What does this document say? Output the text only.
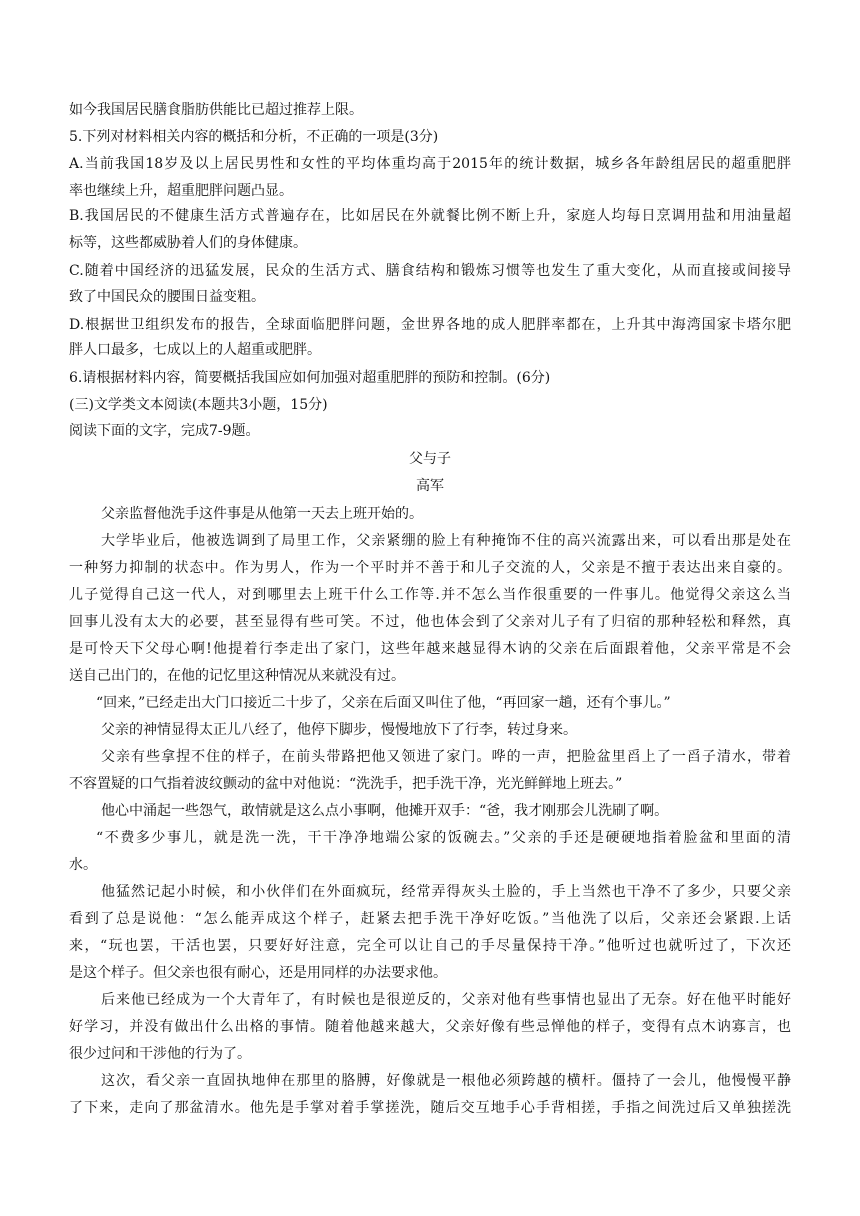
如今我国居民膳食脂肪供能比已超过推荐上限。
5.下列对材料相关内容的概括和分析，不正确的一项是(3分)
A.当前我国18岁及以上居民男性和女性的平均体重均高于2015年的统计数据，城乡各年龄组居民的超重肥胖
率也继续上升，超重肥胖问题凸显。
B.我国居民的不健康生活方式普遍存在，比如居民在外就餐比例不断上升，家庭人均每日烹调用盐和用油量超
标等，这些都威胁着人们的身体健康。
C.随着中国经济的迅猛发展，民众的生活方式、膳食结构和锻炼习惯等也发生了重大变化，从而直接或间接导
致了中国民众的腰围日益变粗。
D.根据世卫组织发布的报告，全球面临肥胖问题，金世界各地的成人肥胖率都在，上升其中海湾国家卡塔尔肥
胖人口最多，七成以上的人超重或肥胖。
6.请根据材料内容，简要概括我国应如何加强对超重肥胖的预防和控制。(6分)
(三)文学类文本阅读(本题共3小题，15分)
阅读下面的文字，完成7-9题。
父与子
高军
父亲监督他洗手这件事是从他第一天去上班开始的。
大学毕业后，他被选调到了局里工作，父亲紧绷的脸上有种掩饰不住的高兴流露出来，可以看出那是处在
一种努力抑制的状态中。作为男人，作为一个平时并不善于和儿子交流的人，父亲是不擅于表达出来自豪的。
儿子觉得自己这一代人，对到哪里去上班干什么工作等.并不怎么当作很重要的一件事儿。他觉得父亲这么当
回事儿没有太大的必要，甚至显得有些可笑。不过，他也体会到了父亲对儿子有了归宿的那种轻松和释然，真
是可怜天下父母心啊!他提着行李走出了家门，这些年越来越显得木讷的父亲在后面跟着他，父亲平常是不会
送自己出门的，在他的记忆里这种情况从来就没有过。
“回来，”已经走出大门口接近二十步了，父亲在后面又叫住了他，“再回家一趟，还有个事儿。”
父亲的神情显得太正儿八经了，他停下脚步，慢慢地放下了行李，转过身来。
父亲有些拿捏不住的样子，在前头带路把他又领进了家门。哗的一声，把脸盆里舀上了一舀子清水，带着
不容置疑的口气指着波纹颤动的盆中对他说：“洗洗手，把手洗干净，光光鲜鲜地上班去。”
他心中涌起一些怨气，敢情就是这么点小事啊，他摊开双手：“爸，我才刚那会儿洗刷了啊。
“不费多少事儿，就是洗一洗，干干净净地端公家的饭碗去。”父亲的手还是硬硬地指着脸盆和里面的清
水。
他猛然记起小时候，和小伙伴们在外面疯玩，经常弄得灰头土脸的，手上当然也干净不了多少，只要父亲
看到了总是说他：“怎么能弄成这个样子，赶紧去把手洗干净好吃饭。”当他洗了以后，父亲还会紧跟.上话
来，“玩也罢，干活也罢，只要好好注意，完全可以让自己的手尽量保持干净。”他听过也就听过了，下次还
是这个样子。但父亲也很有耐心，还是用同样的办法要求他。
后来他已经成为一个大青年了，有时候也是很逆反的，父亲对他有些事情也显出了无奈。好在他平时能好
好学习，并没有做出什么出格的事情。随着他越来越大，父亲好像有些忌惮他的样子，变得有点木讷寡言，也
很少过问和干涉他的行为了。
这次，看父亲一直固执地伸在那里的胳膊，好像就是一根他必须跨越的横杆。僵持了一会儿，他慢慢平静
了下来，走向了那盆清水。他先是手掌对着手掌搓洗，随后交互地手心手背相搓，手指之间洗过后又单独搓洗
